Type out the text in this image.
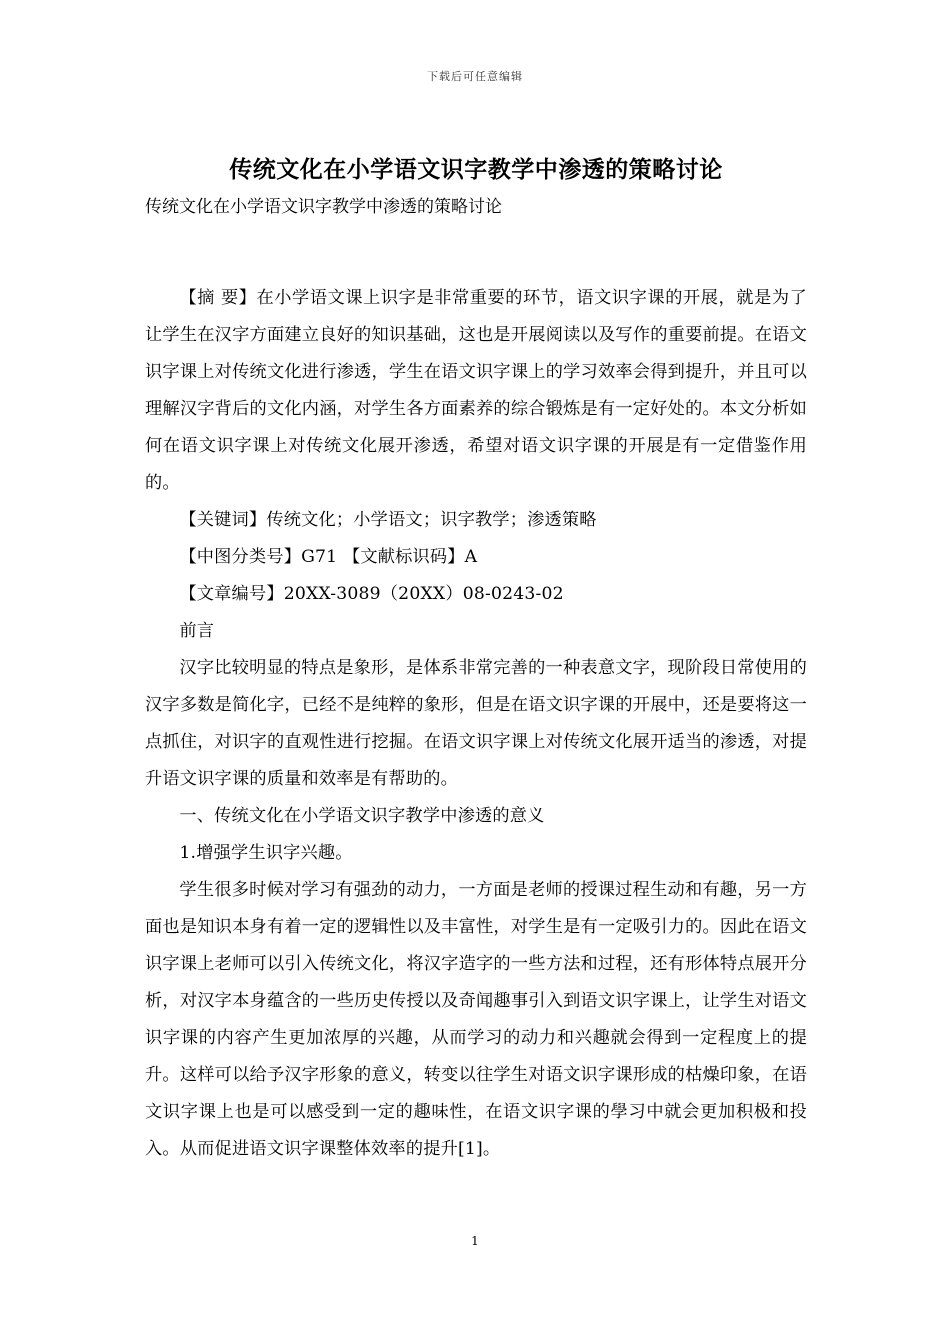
下载后可任意编辑
传统文化在小学语文识字教学中渗透的策略讨论

传统文化在小学语文识字教学中渗透的策略讨论

【摘 要】在小学语文课上识字是非常重要的环节，语文识字课的开展，就是为了让学生在汉字方面建立良好的知识基础，这也是开展阅读以及写作的重要前提。在语文识字课上对传统文化进行渗透，学生在语文识字课上的学习效率会得到提升，并且可以理解汉字背后的文化内涵，对学生各方面素养的综合锻炼是有一定好处的。本文分析如何在语文识字课上对传统文化展开渗透，希望对语文识字课的开展是有一定借鉴作用的。

【关键词】传统文化；小学语文；识字教学；渗透策略

【中图分类号】G71 【文献标识码】A

【文章编号】20XX-3089（20XX）08-0243-02

前言

汉字比较明显的特点是象形，是体系非常完善的一种表意文字，现阶段日常使用的汉字多数是简化字，已经不是纯粹的象形，但是在语文识字课的开展中，还是要将这一点抓住，对识字的直观性进行挖掘。在语文识字课上对传统文化展开适当的渗透，对提升语文识字课的质量和效率是有帮助的。

一、传统文化在小学语文识字教学中渗透的意义

1.增强学生识字兴趣。

学生很多时候对学习有强劲的动力，一方面是老师的授课过程生动和有趣，另一方面也是知识本身有着一定的逻辑性以及丰富性，对学生是有一定吸引力的。因此在语文识字课上老师可以引入传统文化，将汉字造字的一些方法和过程，还有形体特点展开分析，对汉字本身蕴含的一些历史传授以及奇闻趣事引入到语文识字课上，让学生对语文识字课的内容产生更加浓厚的兴趣，从而学习的动力和兴趣就会得到一定程度上的提升。这样可以给予汉字形象的意义，转变以往学生对语文识字课形成的枯燥印象，在语文识字课上也是可以感受到一定的趣味性，在语文识字课的學习中就会更加积极和投入。从而促进语文识字课整体效率的提升[1]。

1
